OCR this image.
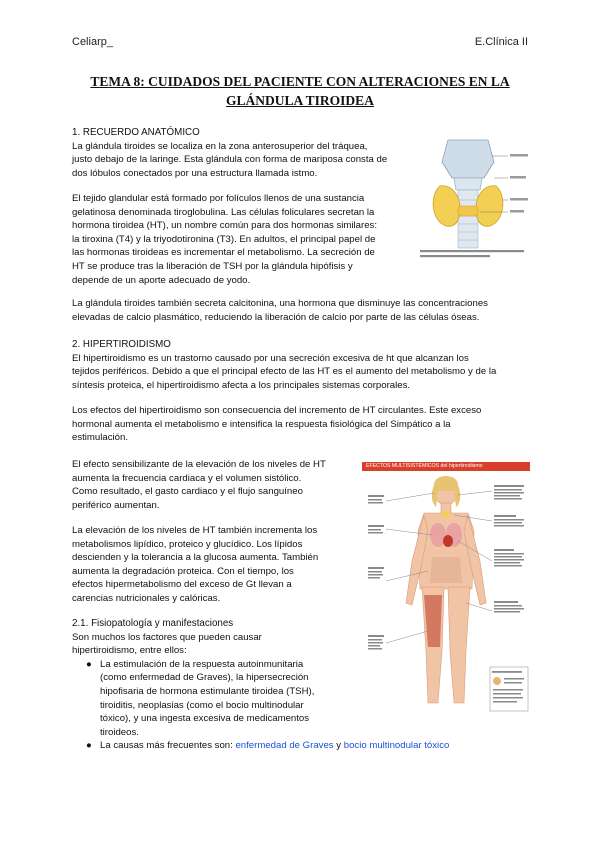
Celiarp_	E.Clínica II
TEMA 8: CUIDADOS DEL PACIENTE CON ALTERACIONES EN LA
GLÁNDULA TIROIDEA
1. RECUERDO ANATÓMICO
La glándula tiroides se localiza en la zona anterosuperior del tráquea,
justo debajo de la laringe. Esta glándula con forma de mariposa consta de
dos lóbulos conectados por una estructura llamada istmo.
El tejido glandular está formado por folículos llenos de una sustancia
gelatinosa denominada tiroglobulina. Las células foliculares secretan la
hormona tiroidea (HT), un nombre común para dos hormonas similares:
la tiroxina (T4) y la triyodotironina (T3). En adultos, el principal papel de
las hormonas tiroideas es incrementar el metabolismo. La secreción de
HT se produce tras la liberación de TSH por la glándula hipófisis y
depende de un aporte adecuado de yodo.
La glándula tiroides también secreta calcitonina, una hormona que disminuye las concentraciones
elevadas de calcio plasmático, reduciendo la liberación de calcio por parte de las células óseas.
2. HIPERTIROIDISMO
El hipertiroidismo es un trastorno causado por una secreción excesiva de ht que alcanzan los
tejidos periféricos. Debido a que el principal efecto de las HT es el aumento del metabolismo y de la
síntesis proteica, el hipertiroidismo afecta a los principales sistemas corporales.
Los efectos del hipertiroidismo son consecuencia del incremento de HT circulantes. Este exceso
hormonal aumenta el metabolismo e intensifica la respuesta fisiológica del Simpático a la
estimulación.
El efecto sensibilizante de la elevación de los niveles de HT
aumenta la frecuencia cardiaca y el volumen sistólico.
Como resultado, el gasto cardiaco y el flujo sanguíneo
periférico aumentan.
La elevación de los niveles de HT también incrementa los
metabolismos lipídico, proteico y glucídico. Los lípidos
descienden y la tolerancia a la glucosa aumenta. También
aumenta la degradación proteica. Con el tiempo, los
efectos hipermetabolismo del exceso de Gt llevan a
carencias nutricionales y calóricas.
2.1. Fisiopatología y manifestaciones
Son muchos los factores que pueden causar
hipertiroidismo, entre ellos:
● La estimulación de la respuesta autoinmunitaria
(como enfermedad de Graves), la hipersecreción
hipofisaria de hormona estimulante tiroidea (TSH),
tiroiditis, neoplasias (como el bocio multinodular
tóxico), y una ingesta excesiva de medicamentos
tiroideos.
● La causas más frecuentes son: enfermedad de Graves y bocio multinodular tóxico
EFECTOS MULTISISTÉMICOS del hipertiroidismo
